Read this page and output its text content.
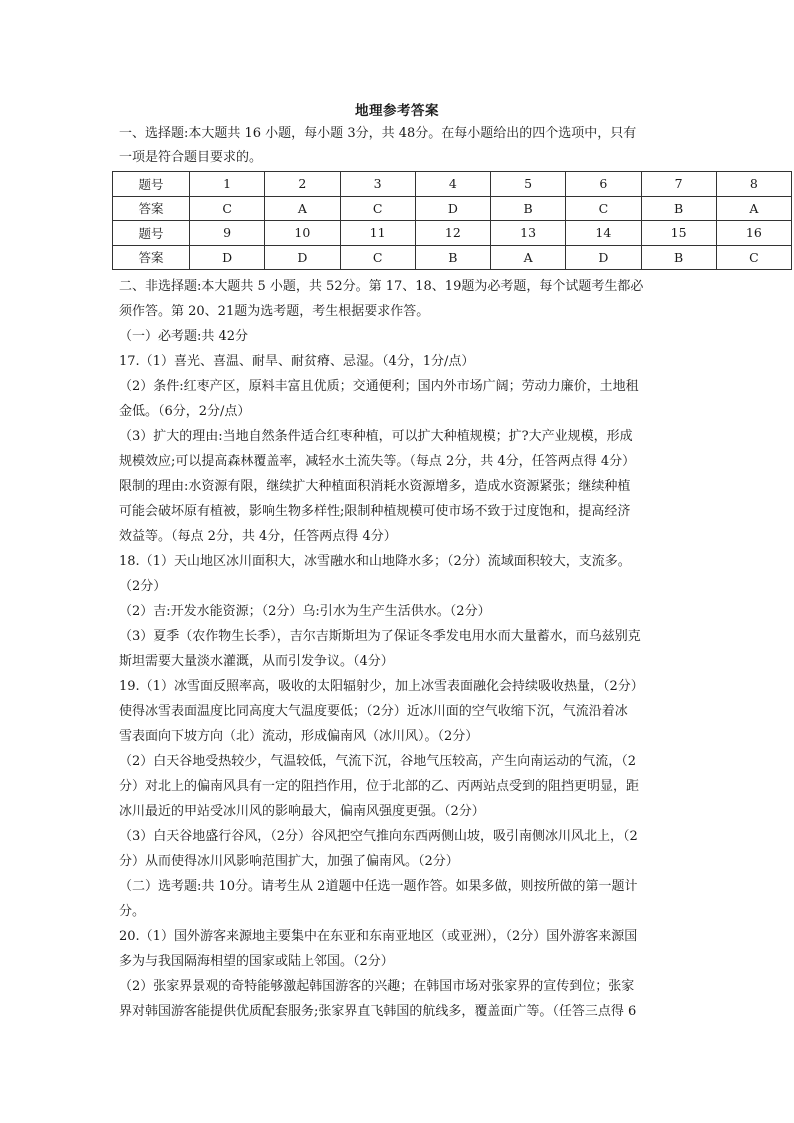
地理参考答案
一、选择题:本大题共 16 小题，每小题 3分，共 48分。在每小题给出的四个选项中，只有
一项是符合题目要求的。
题号	1	2	3	4	5	6	7	8
答案	C	A	C	D	B	C	B	A
题号	9	10	11	12	13	14	15	16
答案	D	D	C	B	A	D	B	C
二、非选择题:本大题共 5 小题，共 52分。第 17、18、19题为必考题，每个试题考生都必
须作答。第 20、21题为选考题，考生根据要求作答。
（一）必考题:共 42分
17.（1）喜光、喜温、耐旱、耐贫瘠、忌湿。（4分，1分/点）
（2）条件:红枣产区，原料丰富且优质；交通便利；国内外市场广阔；劳动力廉价，土地租
金低。（6分，2分/点）
（3）扩大的理由:当地自然条件适合红枣种植，可以扩大种植规模；扩?大产业规模，形成
规模效应;可以提高森林覆盖率，减轻水土流失等。（每点 2分，共 4分，任答两点得 4分）
限制的理由:水资源有限，继续扩大种植面积消耗水资源增多，造成水资源紧张；继续种植
可能会破坏原有植被，影响生物多样性;限制种植规模可使市场不致于过度饱和，提高经济
效益等。（每点 2分，共 4分，任答两点得 4分）
18.（1）天山地区冰川面积大，冰雪融水和山地降水多；（2分）流域面积较大，支流多。
（2分）
（2）吉:开发水能资源；（2分）乌:引水为生产生活供水。（2分）
（3）夏季（农作物生长季），吉尔吉斯斯坦为了保证冬季发电用水而大量蓄水，而乌兹别克
斯坦需要大量淡水灌溉，从而引发争议。（4分）
19.（1）冰雪面反照率高，吸收的太阳辐射少，加上冰雪表面融化会持续吸收热量，（2分）
使得冰雪表面温度比同高度大气温度要低；（2分）近冰川面的空气收缩下沉，气流沿着冰
雪表面向下坡方向（北）流动，形成偏南风（冰川风）。（2分）
（2）白天谷地受热较少，气温较低，气流下沉，谷地气压较高，产生向南运动的气流，（2
分）对北上的偏南风具有一定的阻挡作用，位于北部的乙、丙两站点受到的阻挡更明显，距
冰川最近的甲站受冰川风的影响最大，偏南风强度更强。（2分）
（3）白天谷地盛行谷风，（2分）谷风把空气推向东西两侧山坡，吸引南侧冰川风北上，（2
分）从而使得冰川风影响范围扩大，加强了偏南风。（2分）
（二）选考题:共 10分。请考生从 2道题中任选一题作答。如果多做，则按所做的第一题计
分。
20.（1）国外游客来源地主要集中在东亚和东南亚地区（或亚洲），（2分）国外游客来源国
多为与我国隔海相望的国家或陆上邻国。（2分）
（2）张家界景观的奇特能够激起韩国游客的兴趣；在韩国市场对张家界的宣传到位；张家
界对韩国游客能提供优质配套服务;张家界直飞韩国的航线多，覆盖面广等。（任答三点得 6
